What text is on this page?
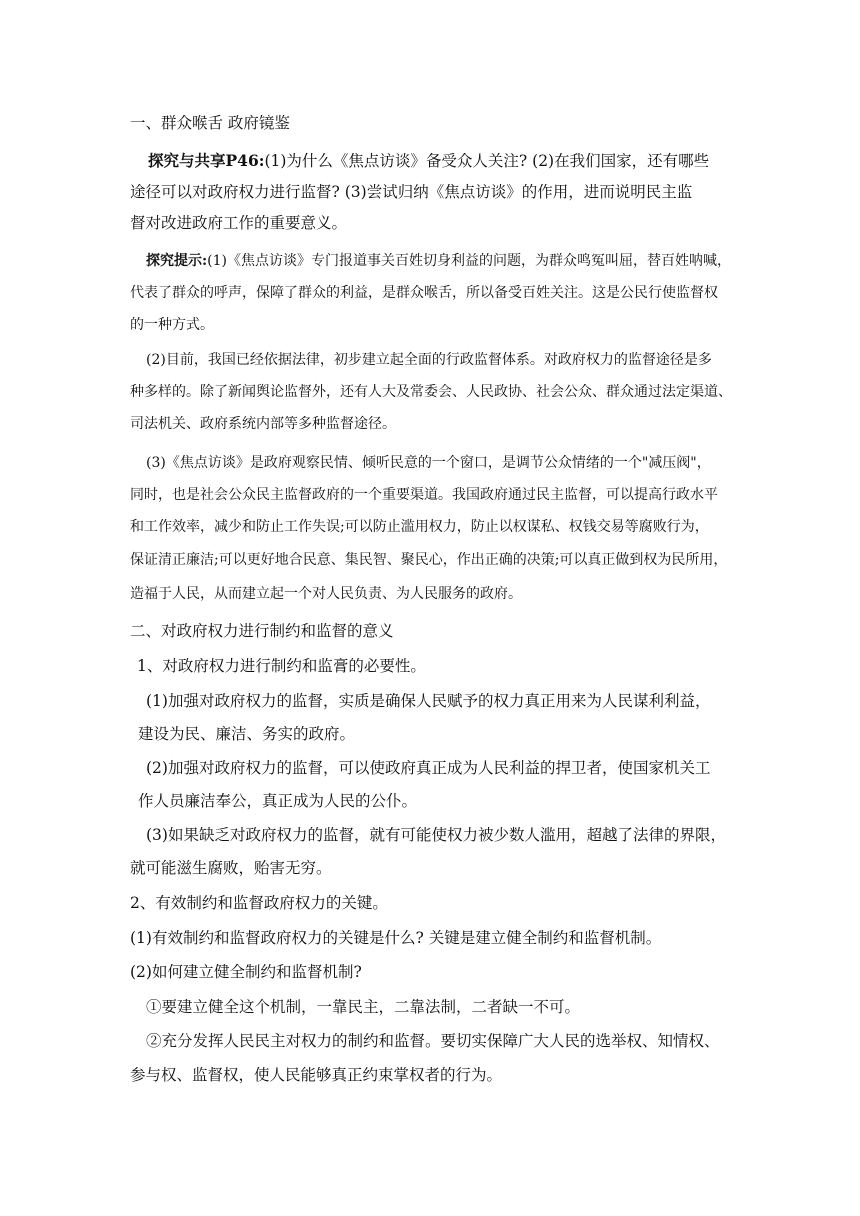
一、群众喉舌 政府镜鉴
探究与共享P46:(1)为什么《焦点访谈》备受众人关注? (2)在我们国家，还有哪些
途径可以对政府权力进行监督? (3)尝试归纳《焦点访谈》的作用，进而说明民主监
督对改进政府工作的重要意义。
探究提示:(1)《焦点访谈》专门报道事关百姓切身利益的问题，为群众鸣冤叫屈，替百姓呐喊，
代表了群众的呼声，保障了群众的利益，是群众喉舌，所以备受百姓关注。这是公民行使监督权
的一种方式。
(2)目前，我国已经依据法律，初步建立起全面的行政监督体系。对政府权力的监督途径是多
种多样的。除了新闻舆论监督外，还有人大及常委会、人民政协、社会公众、群众通过法定渠道、
司法机关、政府系统内部等多种监督途径。
(3)《焦点访谈》是政府观察民情、倾听民意的一个窗口，是调节公众情绪的一个"减压阀"，
同时，也是社会公众民主监督政府的一个重要渠道。我国政府通过民主监督，可以提高行政水平
和工作效率，减少和防止工作失误;可以防止滥用权力，防止以权谋私、权钱交易等腐败行为，
保证清正廉洁;可以更好地合民意、集民智、聚民心，作出正确的决策;可以真正做到权为民所用，
造福于人民，从而建立起一个对人民负责、为人民服务的政府。
二、对政府权力进行制约和监督的意义
1、对政府权力进行制约和监膏的必要性。
(1)加强对政府权力的监督，实质是确保人民赋予的权力真正用来为人民谋利利益，
建设为民、廉洁、务实的政府。
(2)加强对政府权力的监督，可以使政府真正成为人民利益的捍卫者，使国家机关工
作人员廉洁奉公，真正成为人民的公仆。
(3)如果缺乏对政府权力的监督，就有可能使权力被少数人滥用，超越了法律的界限，
就可能滋生腐败，贻害无穷。
2、有效制约和监督政府权力的关键。
(1)有效制约和监督政府权力的关键是什么? 关键是建立健全制约和监督机制。
(2)如何建立健全制约和监督机制?
①要建立健全这个机制，一靠民主，二靠法制，二者缺一不可。
②充分发挥人民民主对权力的制约和监督。要切实保障广大人民的选举权、知情权、
参与权、监督权，使人民能够真正约束掌权者的行为。
